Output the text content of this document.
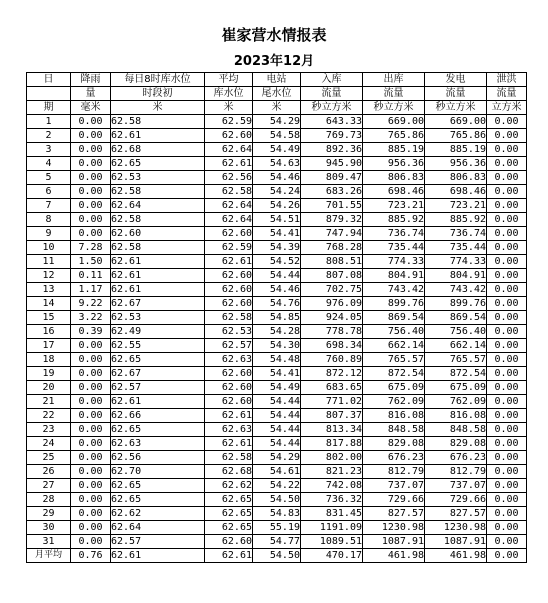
崔家营水情报表
2023年12月
日	降雨	每日8时库水位	平均	电站	入库	出库	发电	泄洪
	量	时段初	库水位	尾水位	流量	流量	流量	流量
期	毫米	米	米	米	秒立方米	秒立方米	秒立方米	立方米
1	0.00	62.58	62.59	54.29	643.33	669.00	669.00	0.00
2	0.00	62.61	62.60	54.58	769.73	765.86	765.86	0.00
3	0.00	62.68	62.64	54.49	892.36	885.19	885.19	0.00
4	0.00	62.65	62.61	54.63	945.90	956.36	956.36	0.00
5	0.00	62.53	62.56	54.46	809.47	806.83	806.83	0.00
6	0.00	62.58	62.58	54.24	683.26	698.46	698.46	0.00
7	0.00	62.64	62.64	54.26	701.55	723.21	723.21	0.00
8	0.00	62.58	62.64	54.51	879.32	885.92	885.92	0.00
9	0.00	62.60	62.60	54.41	747.94	736.74	736.74	0.00
10	7.28	62.58	62.59	54.39	768.28	735.44	735.44	0.00
11	1.50	62.61	62.61	54.52	808.51	774.33	774.33	0.00
12	0.11	62.61	62.60	54.44	807.08	804.91	804.91	0.00
13	1.17	62.61	62.60	54.46	702.75	743.42	743.42	0.00
14	9.22	62.67	62.60	54.76	976.09	899.76	899.76	0.00
15	3.22	62.53	62.58	54.85	924.05	869.54	869.54	0.00
16	0.39	62.49	62.53	54.28	778.78	756.40	756.40	0.00
17	0.00	62.55	62.57	54.30	698.34	662.14	662.14	0.00
18	0.00	62.65	62.63	54.48	760.89	765.57	765.57	0.00
19	0.00	62.67	62.60	54.41	872.12	872.54	872.54	0.00
20	0.00	62.57	62.60	54.49	683.65	675.09	675.09	0.00
21	0.00	62.61	62.60	54.44	771.02	762.09	762.09	0.00
22	0.00	62.66	62.61	54.44	807.37	816.08	816.08	0.00
23	0.00	62.65	62.63	54.44	813.34	848.58	848.58	0.00
24	0.00	62.63	62.61	54.44	817.88	829.08	829.08	0.00
25	0.00	62.56	62.58	54.29	802.00	676.23	676.23	0.00
26	0.00	62.70	62.68	54.61	821.23	812.79	812.79	0.00
27	0.00	62.65	62.62	54.22	742.08	737.07	737.07	0.00
28	0.00	62.65	62.65	54.50	736.32	729.66	729.66	0.00
29	0.00	62.62	62.65	54.83	831.45	827.57	827.57	0.00
30	0.00	62.64	62.65	55.19	1191.09	1230.98	1230.98	0.00
31	0.00	62.57	62.60	54.77	1089.51	1087.91	1087.91	0.00
月平均	0.76	62.61	62.61	54.50	470.17	461.98	461.98	0.00
